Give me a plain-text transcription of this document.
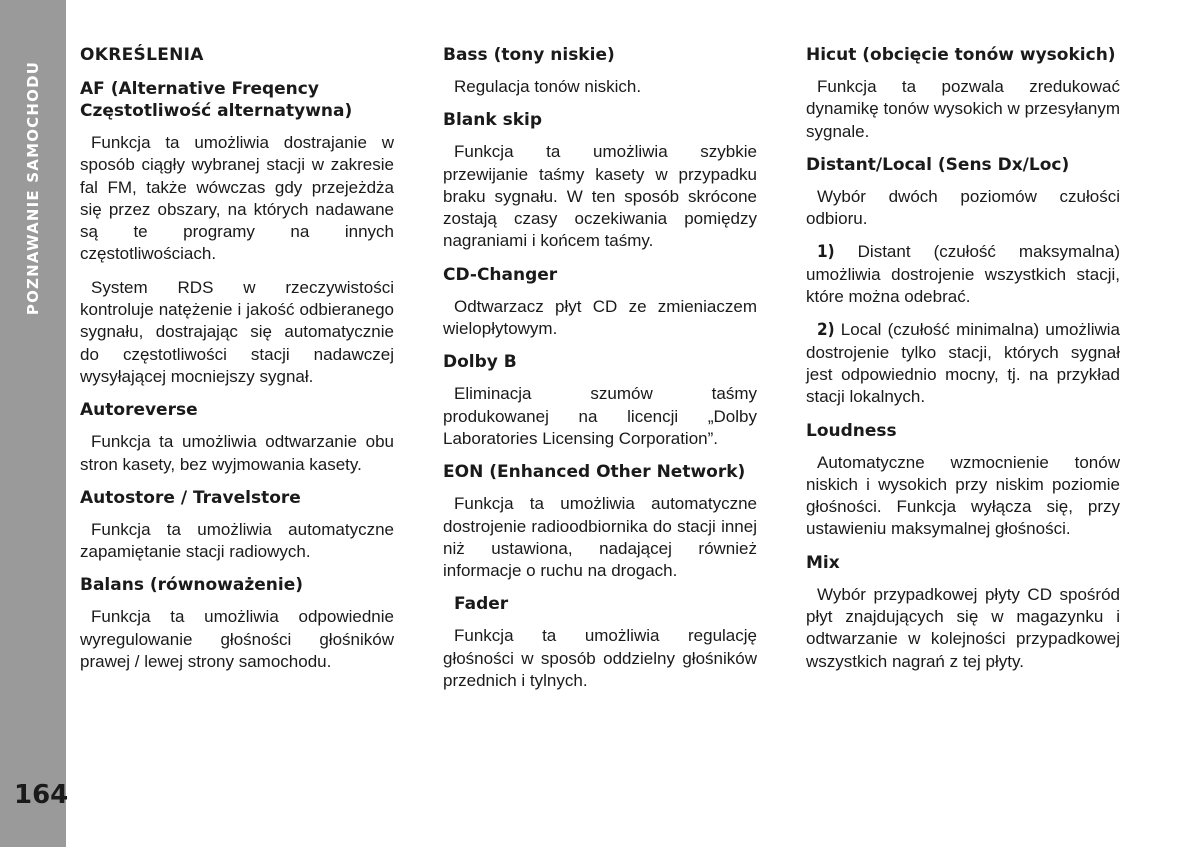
POZNAWANIE SAMOCHODU
164
OKREŚLENIA
AF (Alternative Freqency
Częstotliwość alternatywna)

Funkcja ta umożliwia dostrajanie w sposób ciągły wybranej stacji w zakresie fal FM, także wówczas gdy przejeżdża się przez obszary, na których nadawane są te programy na innych częstotliwościach.

System RDS w rzeczywistości kontroluje natężenie i jakość odbieranego sygnału, dostrajając się automatycznie do częstotliwości stacji nadawczej wysyłającej mocniejszy sygnał.

Autoreverse

Funkcja ta umożliwia odtwarzanie obu stron kasety, bez wyjmowania kasety.

Autostore / Travelstore

Funkcja ta umożliwia automatyczne zapamiętanie stacji radiowych.

Balans (równoważenie)

Funkcja ta umożliwia odpowiednie wyregulowanie głośności głośników prawej / lewej strony samochodu.

Bass (tony niskie)

Regulacja tonów niskich.

Blank skip

Funkcja ta umożliwia szybkie przewijanie taśmy kasety w przypadku braku sygnału. W ten sposób skrócone zostają czasy oczekiwania pomiędzy nagraniami i końcem taśmy.

CD-Changer

Odtwarzacz płyt CD ze zmieniaczem wielopłytowym.

Dolby B

Eliminacja szumów taśmy produkowanej na licencji „Dolby Laboratories Licensing Corporation”.

EON (Enhanced Other Network)

Funkcja ta umożliwia automatyczne dostrojenie radioodbiornika do stacji innej niż ustawiona, nadającej również informacje o ruchu na drogach.

Fader

Funkcja ta umożliwia regulację głośności w sposób oddzielny głośników przednich i tylnych.

Hicut (obcięcie tonów wysokich)

Funkcja ta pozwala zredukować dynamikę tonów wysokich w przesyłanym sygnale.

Distant/Local (Sens Dx/Loc)

Wybór dwóch poziomów czułości odbioru.

1) Distant (czułość maksymalna) umożliwia dostrojenie wszystkich stacji, które można odebrać.

2) Local (czułość minimalna) umożliwia dostrojenie tylko stacji, których sygnał jest odpowiednio mocny, tj. na przykład stacji lokalnych.

Loudness

Automatyczne wzmocnienie tonów niskich i wysokich przy niskim poziomie głośności. Funkcja wyłącza się, przy ustawieniu maksymalnej głośności.

Mix

Wybór przypadkowej płyty CD spośród płyt znajdujących się w magazynku i odtwarzanie w kolejności przypadkowej wszystkich nagrań z tej płyty.
